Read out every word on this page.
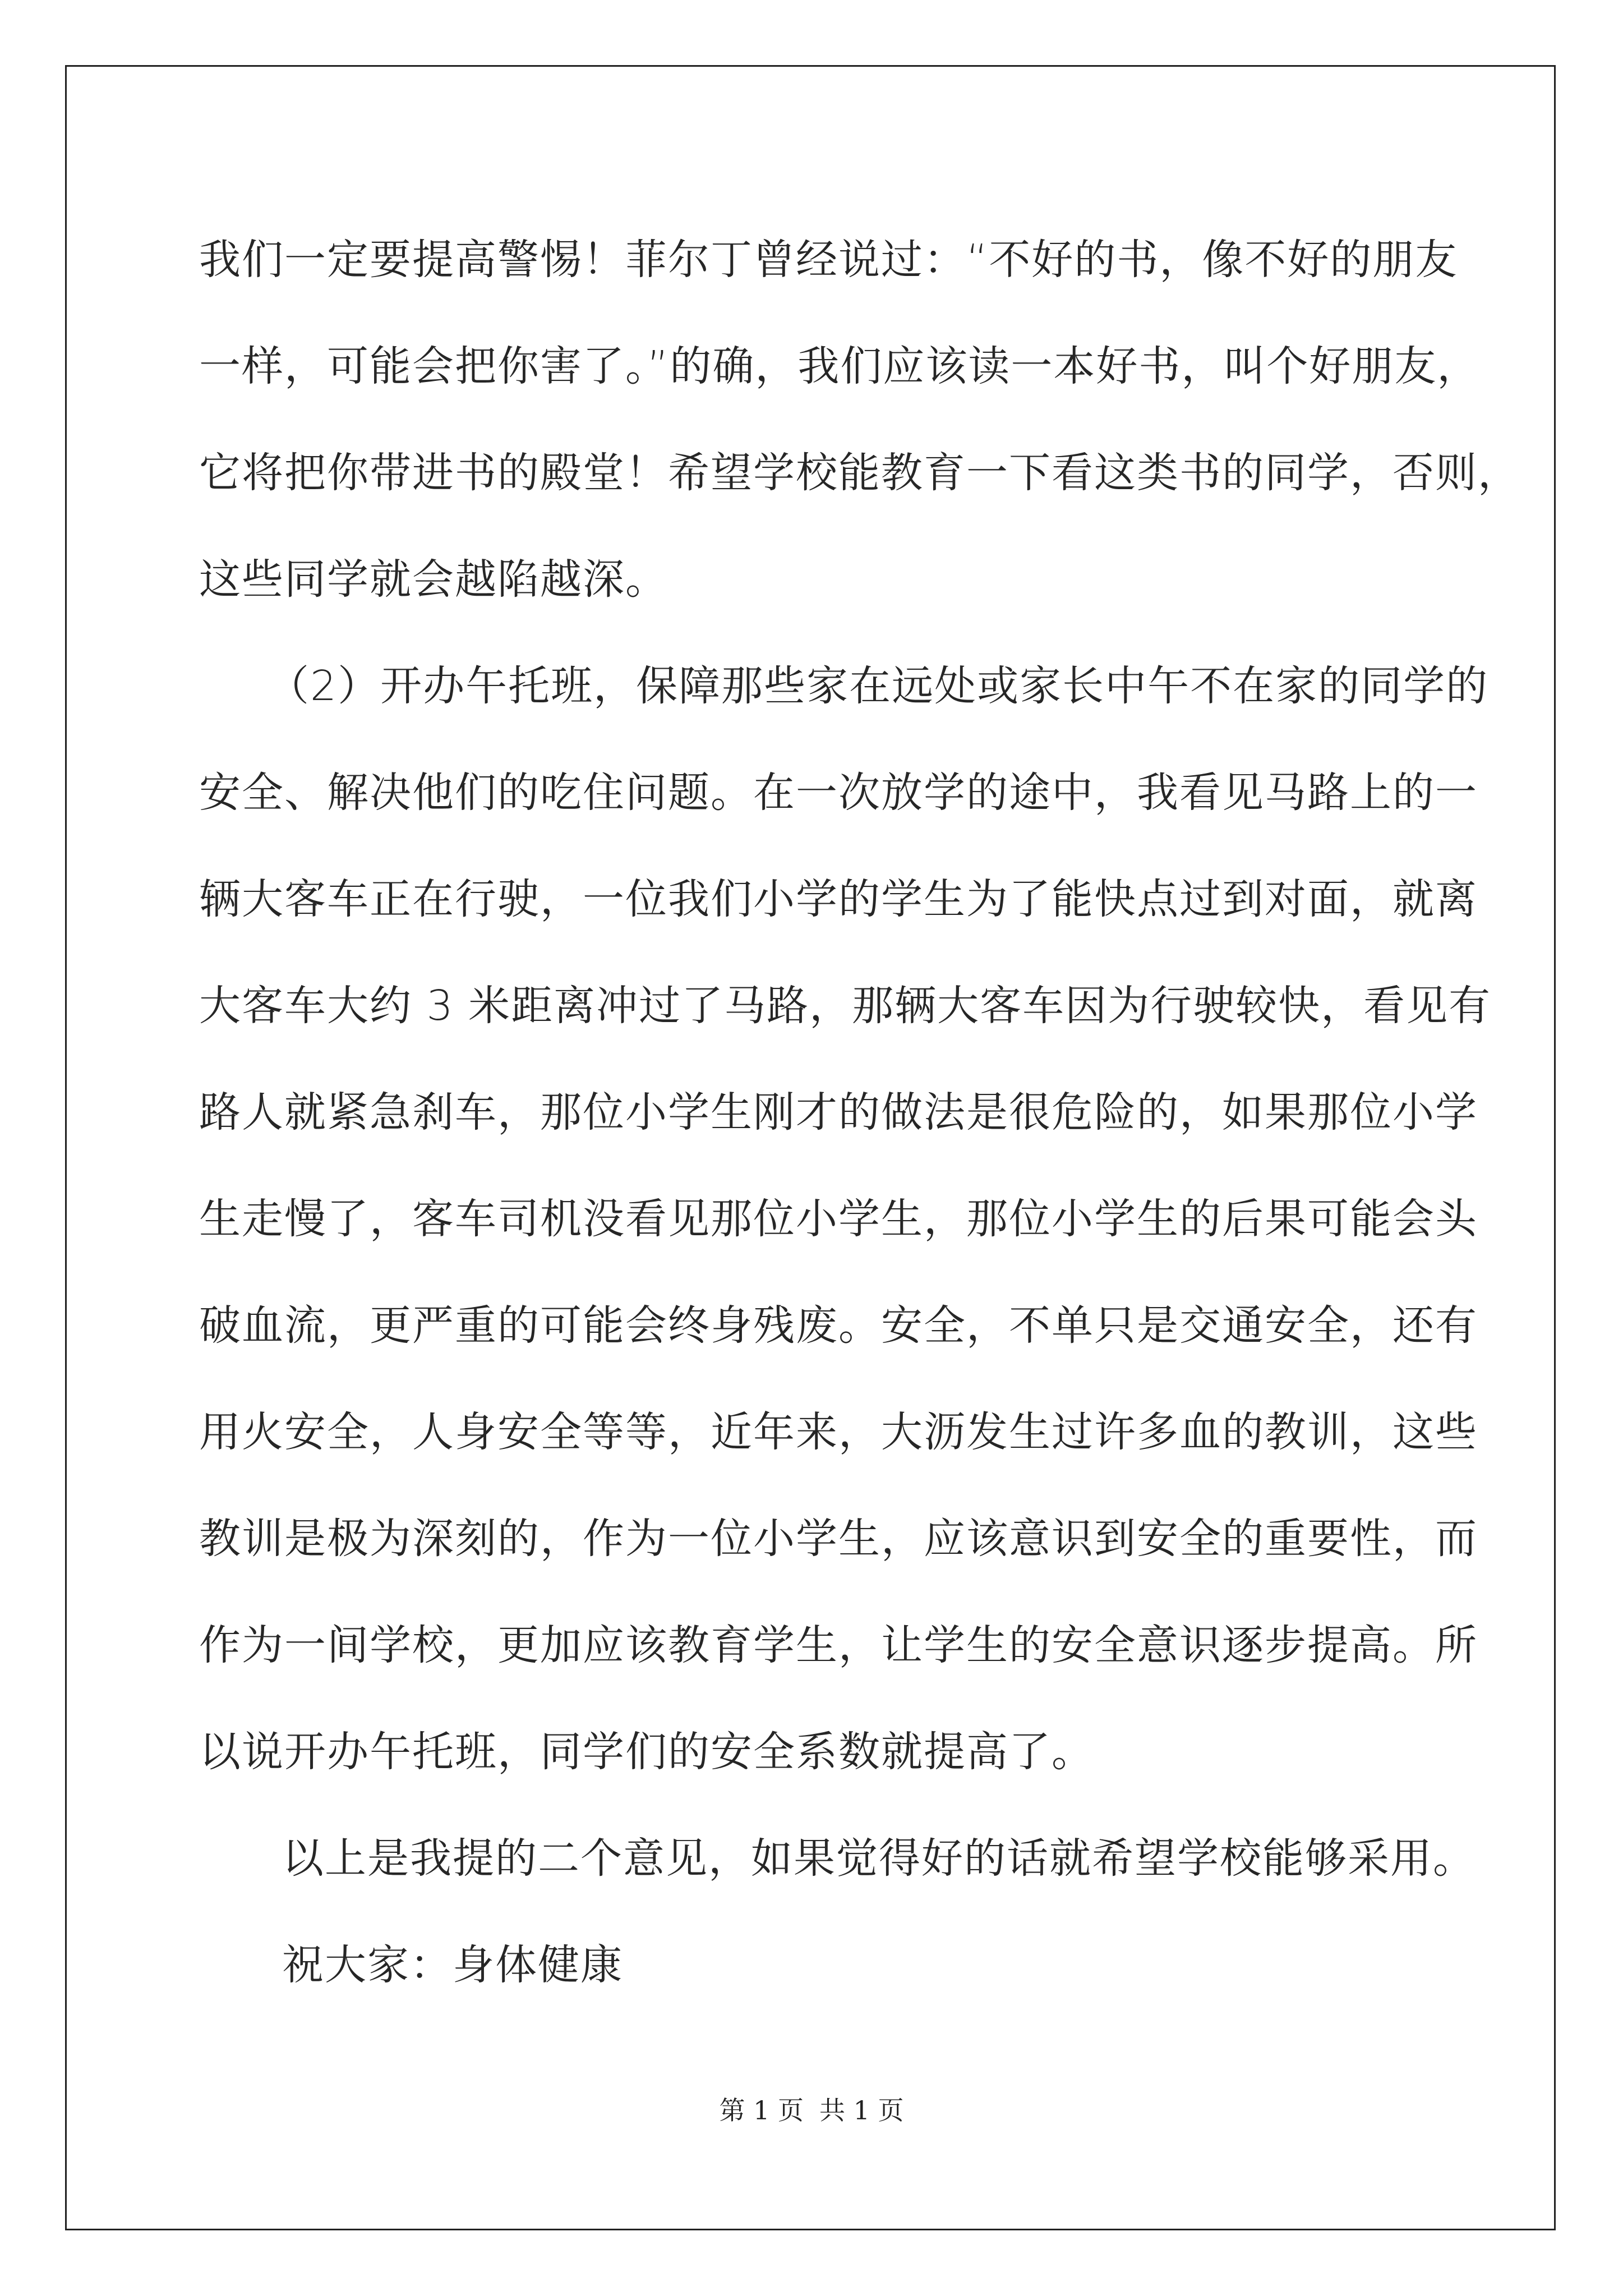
我们一定要提高警惕！菲尔丁曾经说过：“不好的书，像不好的朋友
一样，可能会把你害了。”的确，我们应该读一本好书，叫个好朋友，
它将把你带进书的殿堂！希望学校能教育一下看这类书的同学，否则，
这些同学就会越陷越深。
（2）开办午托班，保障那些家在远处或家长中午不在家的同学的
安全、解决他们的吃住问题。在一次放学的途中，我看见马路上的一
辆大客车正在行驶，一位我们小学的学生为了能快点过到对面，就离
大客车大约 3 米距离冲过了马路，那辆大客车因为行驶较快，看见有
路人就紧急刹车，那位小学生刚才的做法是很危险的，如果那位小学
生走慢了，客车司机没看见那位小学生，那位小学生的后果可能会头
破血流，更严重的可能会终身残废。安全，不单只是交通安全，还有
用火安全，人身安全等等，近年来，大沥发生过许多血的教训，这些
教训是极为深刻的，作为一位小学生，应该意识到安全的重要性，而
作为一间学校，更加应该教育学生，让学生的安全意识逐步提高。所
以说开办午托班，同学们的安全系数就提高了。
以上是我提的二个意见，如果觉得好的话就希望学校能够采用。
祝大家：身体健康
第 1 页 共 1 页
